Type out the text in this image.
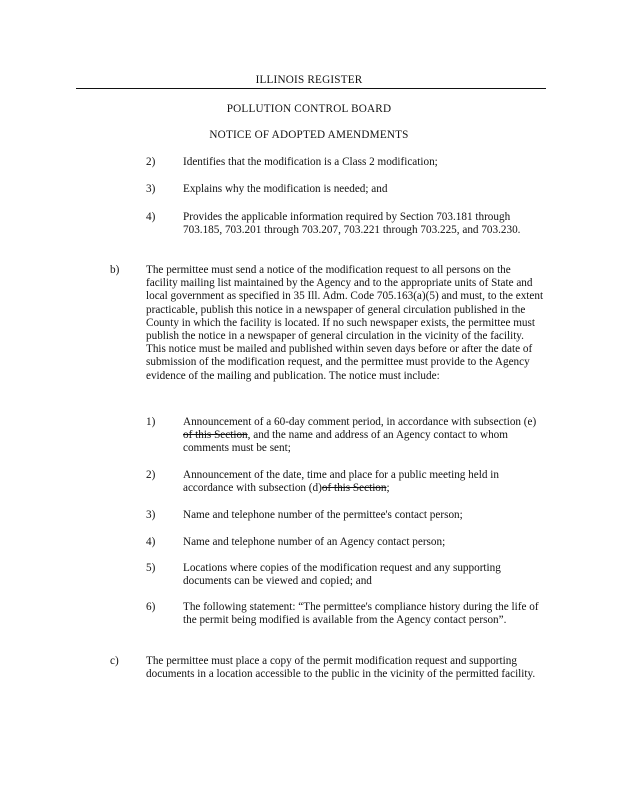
ILLINOIS REGISTER
POLLUTION CONTROL BOARD
NOTICE OF ADOPTED AMENDMENTS
2) Identifies that the modification is a Class 2 modification;
3) Explains why the modification is needed; and
4) Provides the applicable information required by Section 703.181 through 703.185, 703.201 through 703.207, 703.221 through 703.225, and 703.230.
b) The permittee must send a notice of the modification request to all persons on the facility mailing list maintained by the Agency and to the appropriate units of State and local government as specified in 35 Ill. Adm. Code 705.163(a)(5) and must, to the extent practicable, publish this notice in a newspaper of general circulation published in the County in which the facility is located. If no such newspaper exists, the permittee must publish the notice in a newspaper of general circulation in the vicinity of the facility. This notice must be mailed and published within seven days before or after the date of submission of the modification request, and the permittee must provide to the Agency evidence of the mailing and publication. The notice must include:
1) Announcement of a 60-day comment period, in accordance with subsection (e) of this Section, and the name and address of an Agency contact to whom comments must be sent;
2) Announcement of the date, time and place for a public meeting held in accordance with subsection (d)of this Section;
3) Name and telephone number of the permittee's contact person;
4) Name and telephone number of an Agency contact person;
5) Locations where copies of the modification request and any supporting documents can be viewed and copied; and
6) The following statement: “The permittee's compliance history during the life of the permit being modified is available from the Agency contact person”.
c) The permittee must place a copy of the permit modification request and supporting documents in a location accessible to the public in the vicinity of the permitted facility.
